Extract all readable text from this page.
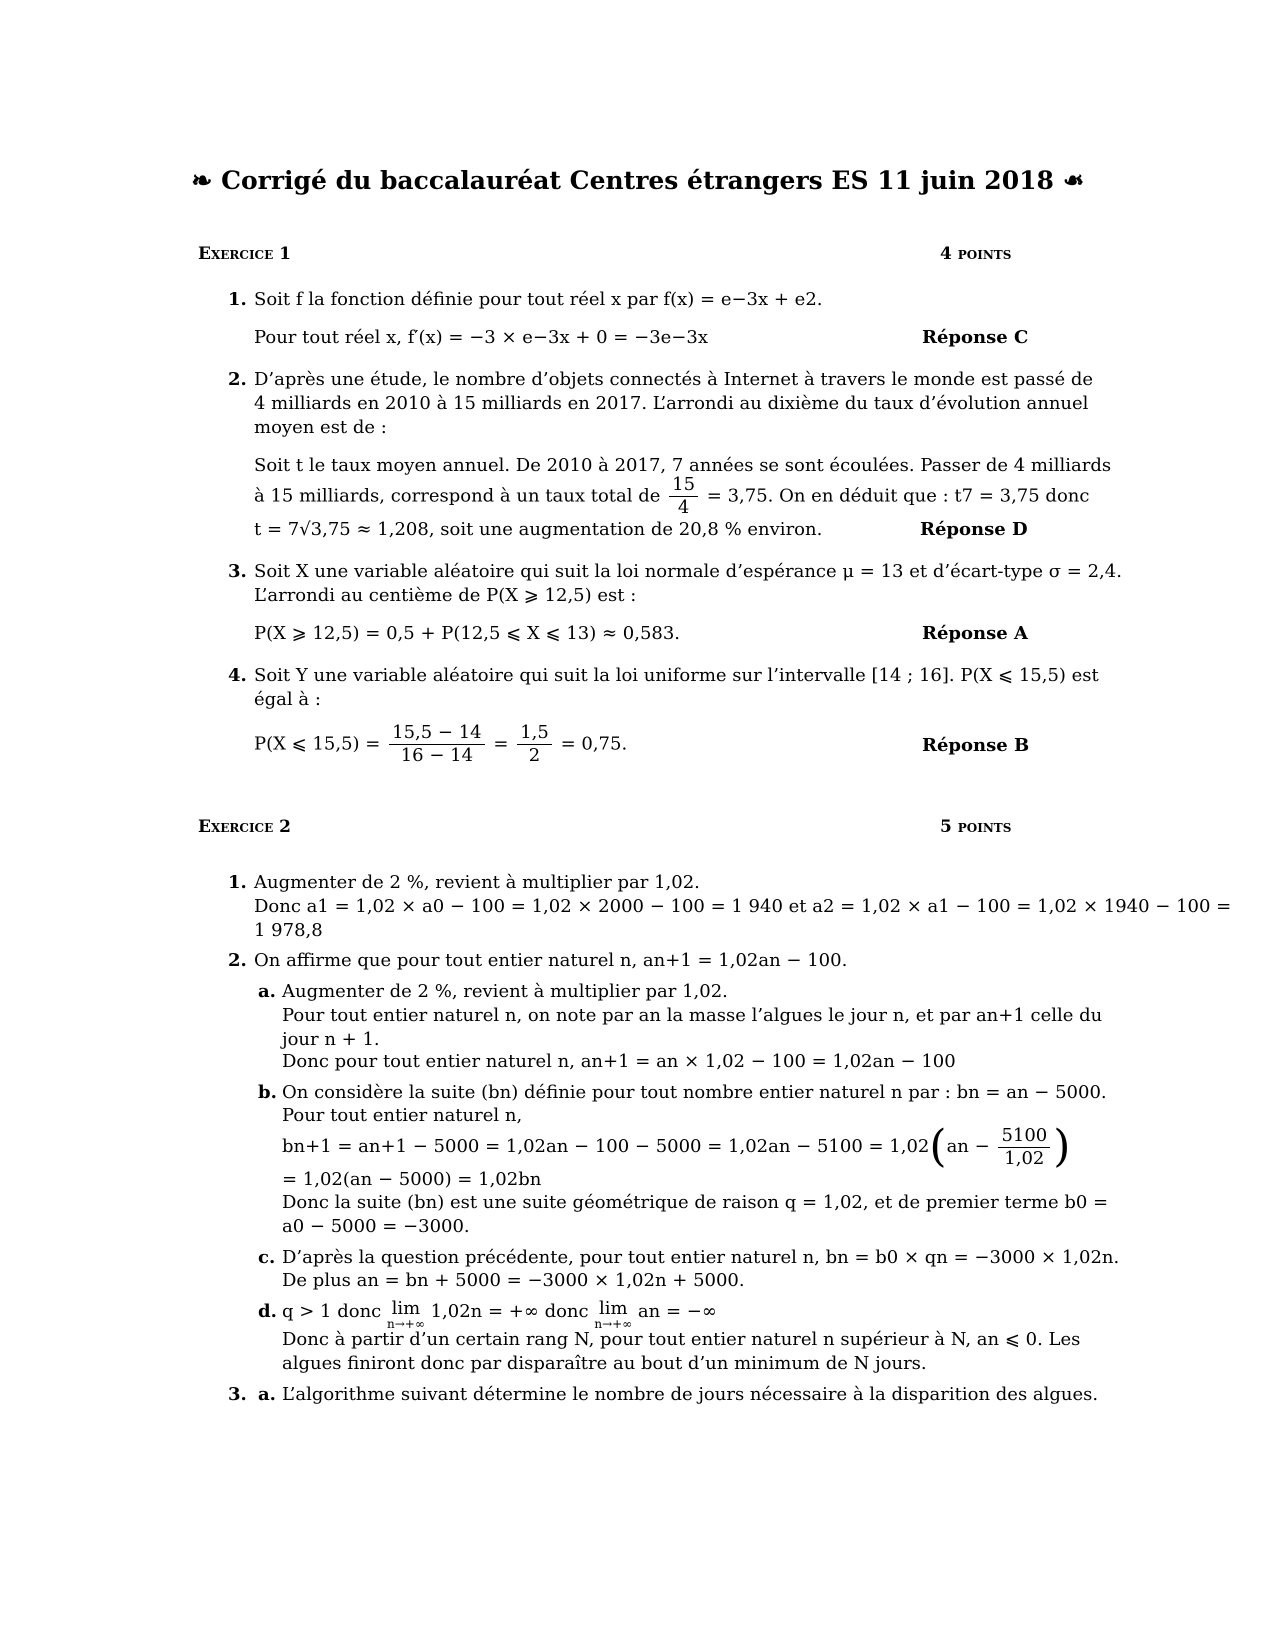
❧ Corrigé du baccalauréat Centres étrangers ES 11 juin 2018 ❧
Exercice 1	4 points
1. Soit f la fonction définie pour tout réel x par f(x) = e−3x + e2.
Pour tout réel x, f′(x) = −3 × e−3x + 0 = −3e−3x	Réponse C
2. D’après une étude, le nombre d’objets connectés à Internet à travers le monde est passé de
4 milliards en 2010 à 15 milliards en 2017. L’arrondi au dixième du taux d’évolution annuel
moyen est de :
Soit t le taux moyen annuel. De 2010 à 2017, 7 années se sont écoulées. Passer de 4 milliards
à 15 milliards, correspond à un taux total de $\frac{15}{4} = 3,75$. On en déduit que : t7 = 3,75 donc
t = 7√3,75 ≈ 1,208, soit une augmentation de 20,8 % environ.	Réponse D
3. Soit X une variable aléatoire qui suit la loi normale d’espérance μ = 13 et d’écart-type σ = 2,4.
L’arrondi au centième de P(X ⩾ 12,5) est :
P(X ⩾ 12,5) = 0,5 + P(12,5 ⩽ X ⩽ 13) ≈ 0,583.	Réponse A
4. Soit Y une variable aléatoire qui suit la loi uniforme sur l’intervalle [14 ; 16]. P(X ⩽ 15,5) est
égal à :
P(X ⩽ $15,5) = \frac{15,5 - 14}{16 - 14} = \frac{1,5}{2} = 0,75$.	Réponse B
Exercice 2	5 points
1. Augmenter de 2 %, revient à multiplier par 1,02.
Donc a1 = 1,02 × a0 − 100 = 1,02 × 2000 − 100 = 1 940 et a2 = 1,02 × a1 − 100 = 1,02 × 1940 − 100 =
1 978,8
2. On affirme que pour tout entier naturel n, an+1 = 1,02an − 100.
a. Augmenter de 2 %, revient à multiplier par 1,02.
Pour tout entier naturel n, on note par an la masse l’algues le jour n, et par an+1 celle du
jour n + 1.
Donc pour tout entier naturel n, an+1 = an × 1,02 − 100 = 1,02an − 100
b. On considère la suite (bn) définie pour tout nombre entier naturel n par : bn = an − 5000.
Pour tout entier naturel n,
$bn+1 = an+1 - 5000 = 1,02an - 100 - 5000 = 1,02an - 5100 = 1,02(an - \frac{5100}{1,02}$ )
= 1,02(an − 5000) = 1,02bn
Donc la suite (bn) est une suite géométrique de raison q = 1,02, et de premier terme b0 =
a0 − 5000 = −3000.
c. D’après la question précédente, pour tout entier naturel n, bn = b0 × qn = −3000 × 1,02n.
De plus an = bn + 5000 = −3000 × 1,02n + 5000.
d. q > 1 donc lim
n→+∞
1,02n = +∞ donc lim
n→+∞
an = −∞
Donc à partir d’un certain rang N, pour tout entier naturel n supérieur à N, an ⩽ 0. Les
algues finiront donc par disparaître au bout d’un minimum de N jours.
3. a. L’algorithme suivant détermine le nombre de jours nécessaire à la disparition des algues.
